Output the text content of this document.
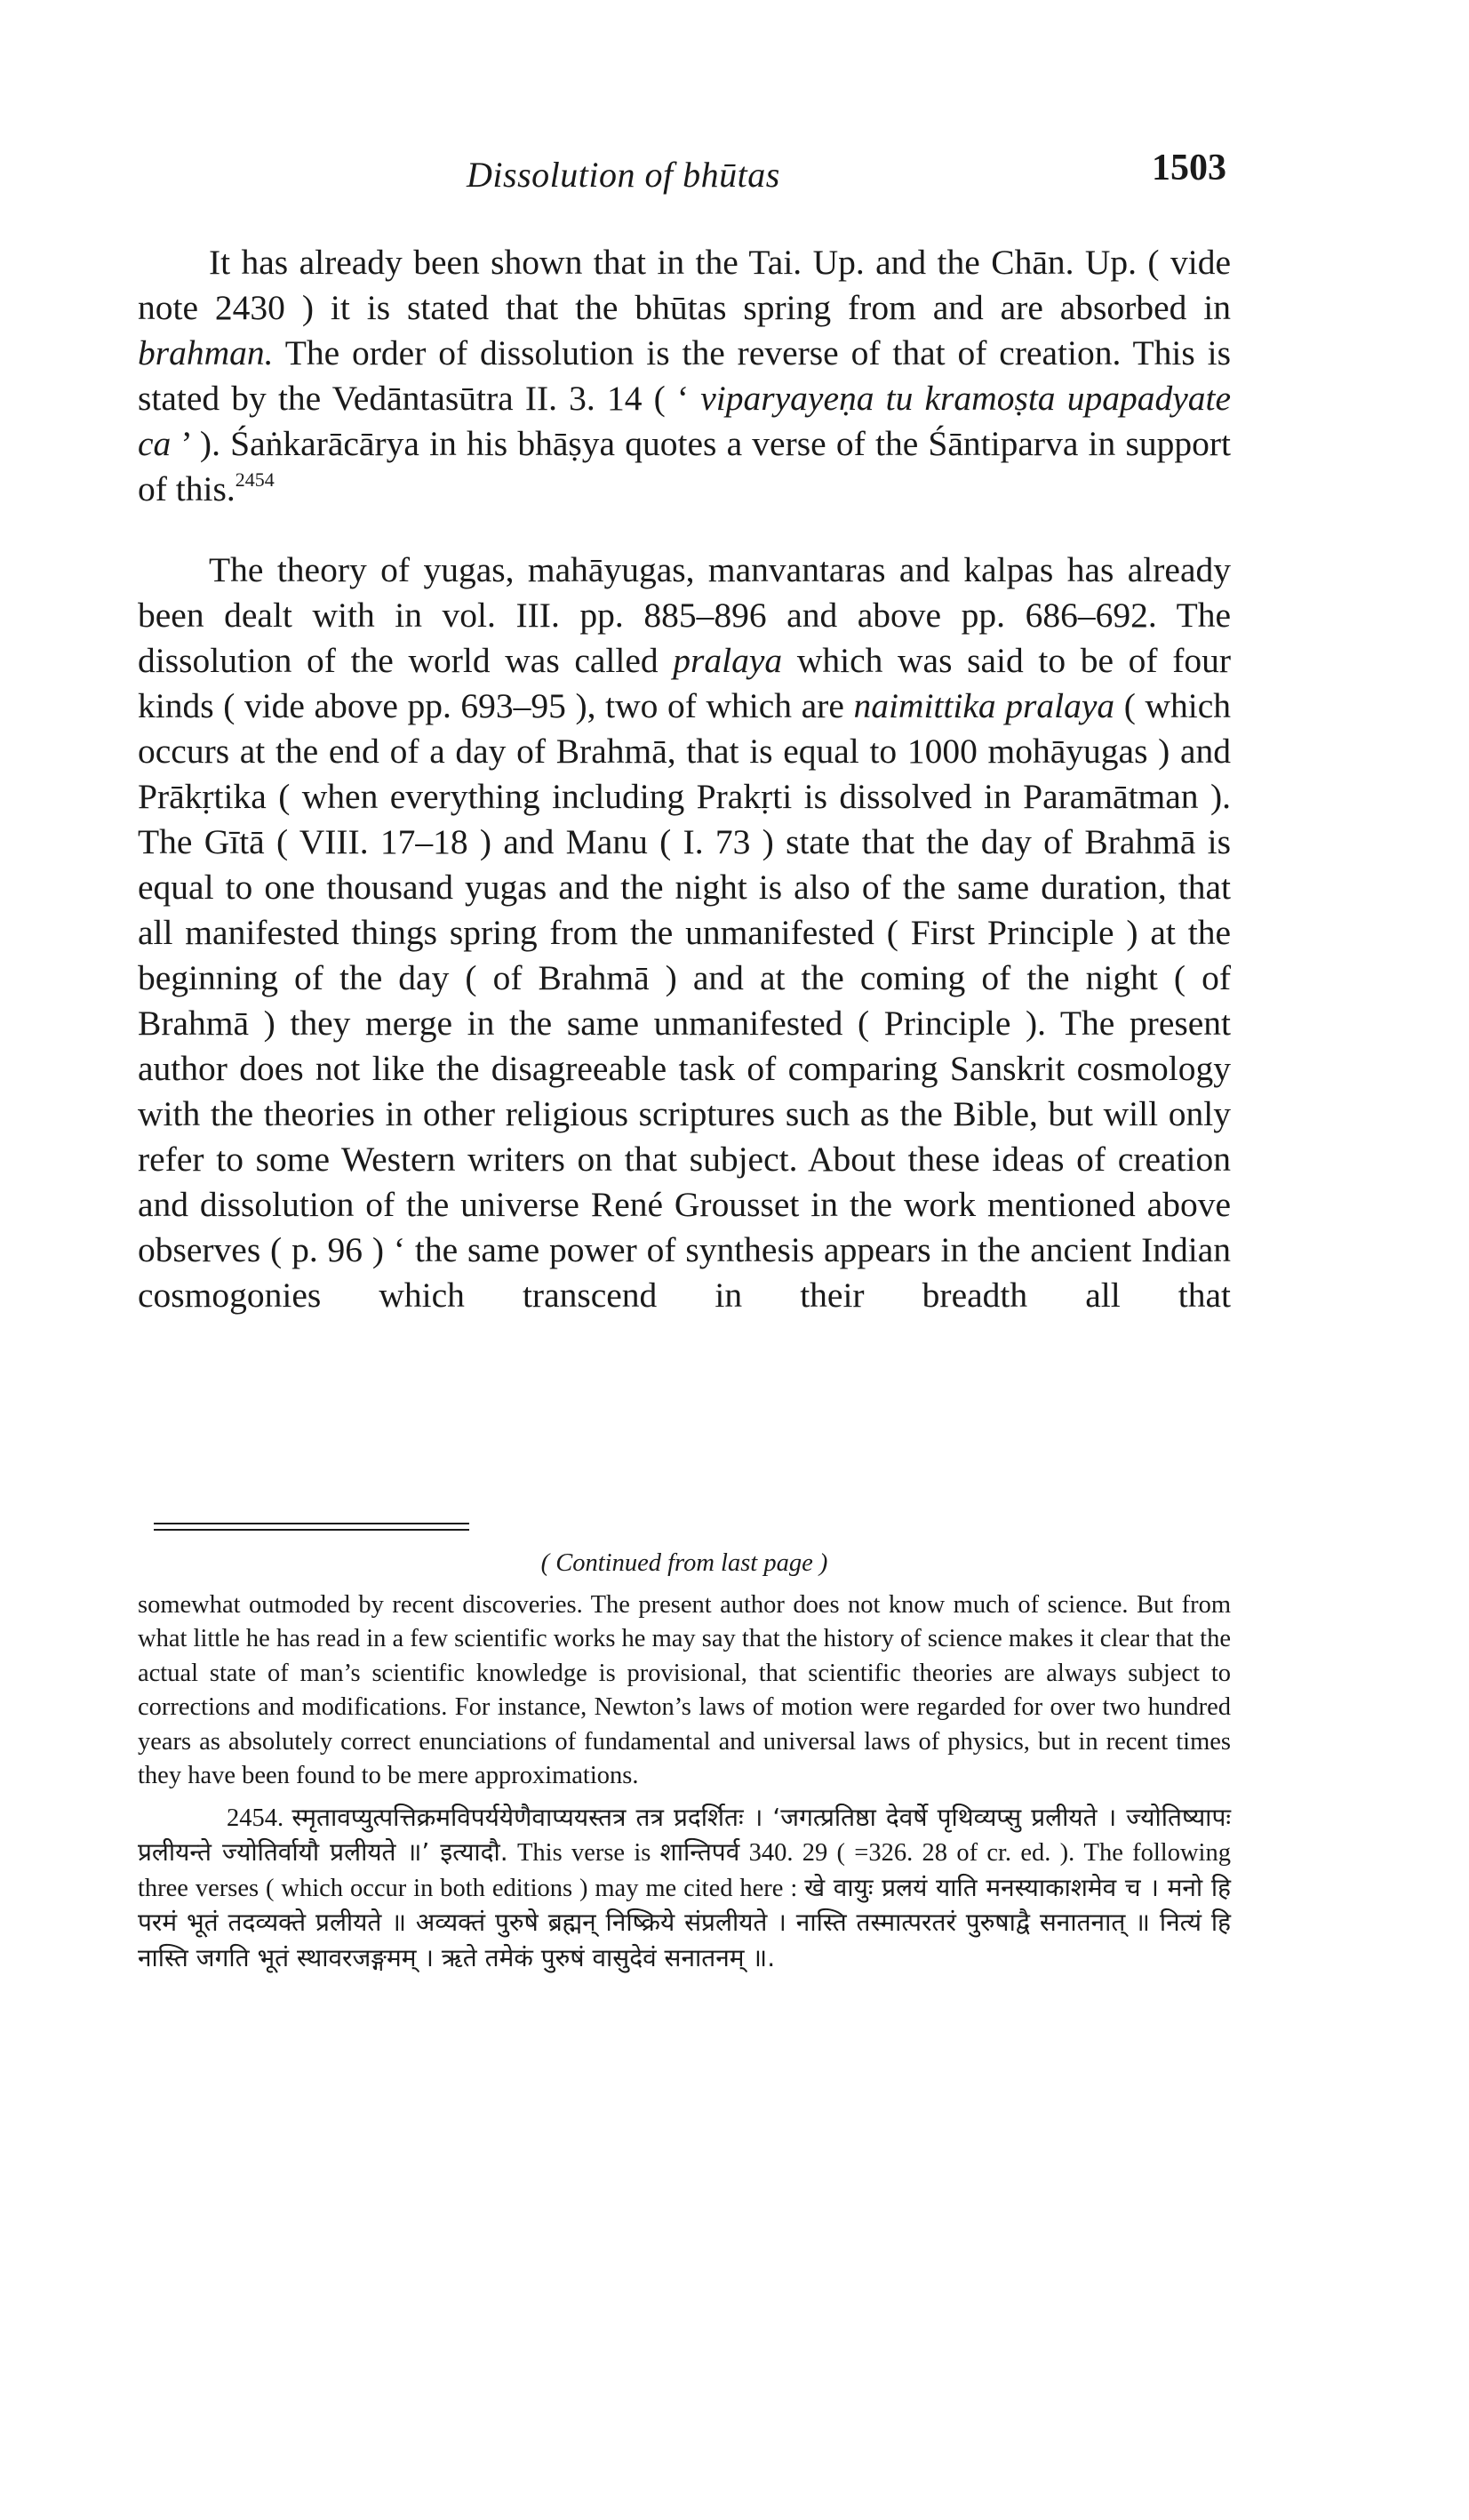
Dissolution of bhūtas	1503

It has already been shown that in the Tai. Up. and the Chān. Up. ( vide note 2430 ) it is stated that the bhūtas spring from and are absorbed in brahman. The order of dissolution is the reverse of that of creation. This is stated by the Vedāntasūtra II. 3. 14 ( ‘ viparyayeṇa tu kramoṣta upapadyate ca ’ ). Śaṅkarācārya in his bhāṣya quotes a verse of the Śāntiparva in support of this.$^{2454}$

The theory of yugas, mahāyugas, manvantaras and kalpas has already been dealt with in vol. III. pp. 885–896 and above pp. 686–692. The dissolution of the world was called pralaya which was said to be of four kinds ( vide above pp. 693–95 ), two of which are naimittika pralaya ( which occurs at the end of a day of Brahmā, that is equal to 1000 mohāyugas ) and Prākṛtika ( when everything including Prakṛti is dissolved in Paramātman ). The Gītā ( VIII. 17–18 ) and Manu ( I. 73 ) state that the day of Brahmā is equal to one thousand yugas and the night is also of the same duration, that all manifested things spring from the unmanifested ( First Principle ) at the beginning of the day ( of Brahmā ) and at the coming of the night ( of Brahmā ) they merge in the same unmanifested ( Principle ). The present author does not like the disagreeable task of comparing Sanskrit cosmology with the theories in other religious scriptures such as the Bible, but will only refer to some Western writers on that subject. About these ideas of creation and dissolution of the universe René Grousset in the work mentioned above observes ( p. 96 ) ‘ the same power of synthesis appears in the ancient Indian cosmogonies which transcend in their breadth all that

( Continued from last page )

somewhat outmoded by recent discoveries. The present author does not know much of science. But from what little he has read in a few scientific works he may say that the history of science makes it clear that the actual state of man’s scientific knowledge is provisional, that scientific theories are always subject to corrections and modifications. For instance, Newton’s laws of motion were regarded for over two hundred years as absolutely correct enunciations of fundamental and universal laws of physics, but in recent times they have been found to be mere approximations.

2454. स्मृतावप्युत्पत्तिक्रमविपर्ययेणैवाप्ययस्तत्र तत्र प्रदर्शितः । ‘जगत्प्रतिष्ठा देवर्षे पृथिव्यप्सु प्रलीयते । ज्योतिष्यापः प्रलीयन्ते ज्योतिर्वायौ प्रलीयते ॥’ इत्यादौ. This verse is शान्तिपर्व 340. 29 ( =326. 28 of cr. ed. ). The following three verses ( which occur in both editions ) may me cited here : खे वायुः प्रलयं याति मनस्याकाशमेव च । मनो हि परमं भूतं तदव्यक्ते प्रलीयते ॥ अव्यक्तं पुरुषे ब्रह्मन् निष्क्रिये संप्रलीयते । नास्ति तस्मात्परतरं पुरुषाद्वै सनातनात् ॥ नित्यं हि नास्ति जगति भूतं स्थावरजङ्गमम् । ऋते तमेकं पुरुषं वासुदेवं सनातनम् ॥.
